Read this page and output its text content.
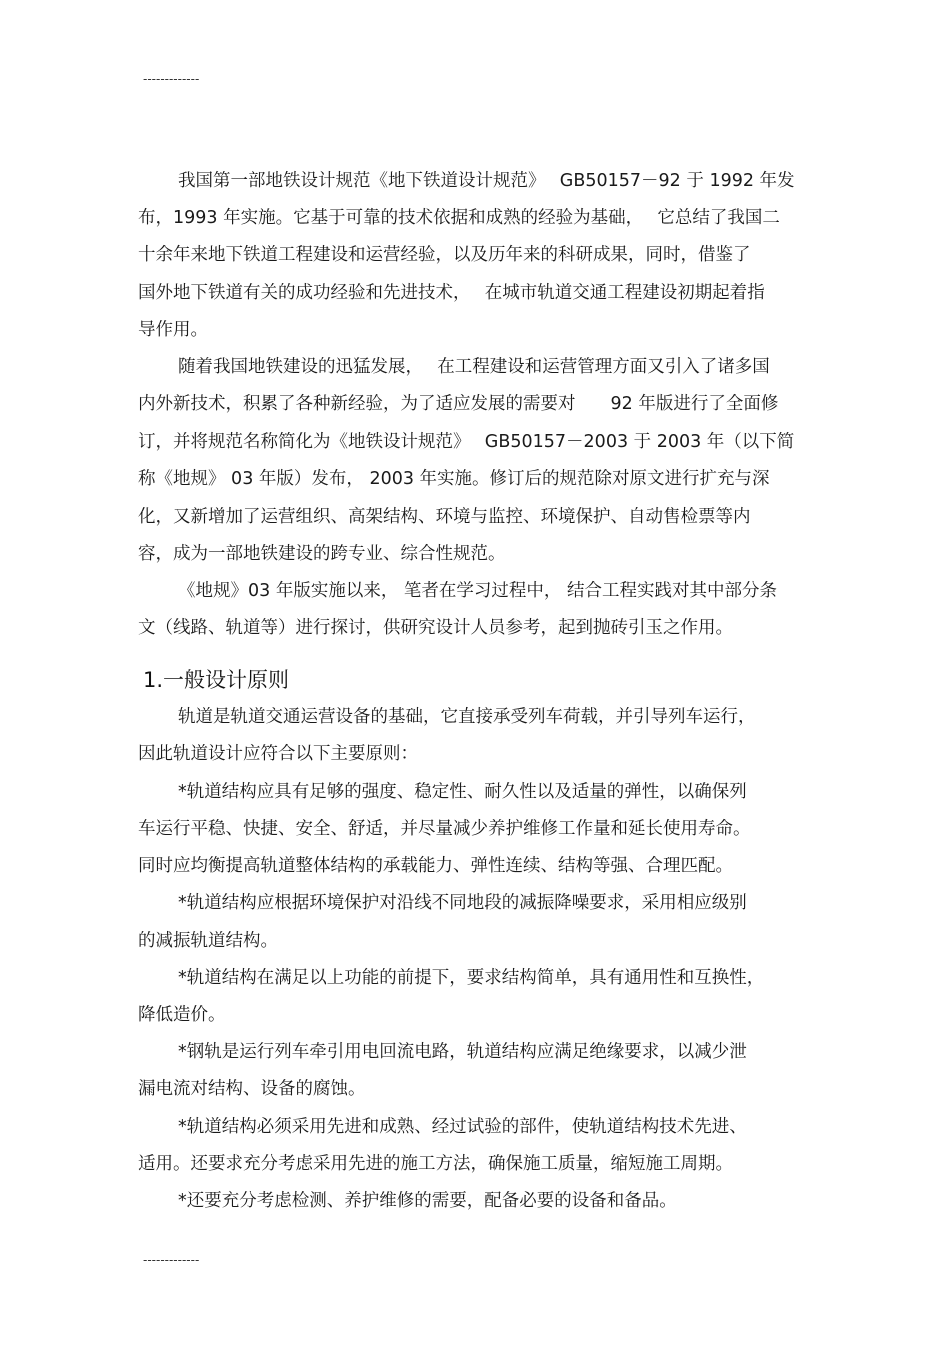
-------------
我国第一部地铁设计规范《地下铁道设计规范》　 GB50157－92 于 1992 年发
布，1993 年实施。它基于可靠的技术依据和成熟的经验为基础，　 它总结了我国二
十余年来地下铁道工程建设和运营经验，以及历年来的科研成果，同时，借鉴了
国外地下铁道有关的成功经验和先进技术，　 在城市轨道交通工程建设初期起着指
导作用。
随着我国地铁建设的迅猛发展，　 在工程建设和运营管理方面又引入了诸多国
内外新技术，积累了各种新经验，为了适应发展的需要对　　92 年版进行了全面修
订，并将规范名称简化为《地铁设计规范》　 GB50157－2003 于 2003 年（以下简
称《地规》 03 年版）发布， 2003 年实施。修订后的规范除对原文进行扩充与深
化，又新增加了运营组织、高架结构、环境与监控、环境保护、自动售检票等内
容，成为一部地铁建设的跨专业、综合性规范。
《地规》03 年版实施以来， 笔者在学习过程中， 结合工程实践对其中部分条
文（线路、轨道等）进行探讨，供研究设计人员参考，起到抛砖引玉之作用。
1.一般设计原则
轨道是轨道交通运营设备的基础，它直接承受列车荷载，并引导列车运行，
因此轨道设计应符合以下主要原则：
*轨道结构应具有足够的强度、稳定性、耐久性以及适量的弹性，以确保列
车运行平稳、快捷、安全、舒适，并尽量减少养护维修工作量和延长使用寿命。
同时应均衡提高轨道整体结构的承载能力、弹性连续、结构等强、合理匹配。
*轨道结构应根据环境保护对沿线不同地段的减振降噪要求，采用相应级别
的减振轨道结构。
*轨道结构在满足以上功能的前提下，要求结构简单，具有通用性和互换性，
降低造价。
*钢轨是运行列车牵引用电回流电路，轨道结构应满足绝缘要求，以减少泄
漏电流对结构、设备的腐蚀。
*轨道结构必须采用先进和成熟、经过试验的部件，使轨道结构技术先进、
适用。还要求充分考虑采用先进的施工方法，确保施工质量，缩短施工周期。
*还要充分考虑检测、养护维修的需要，配备必要的设备和备品。
-------------
